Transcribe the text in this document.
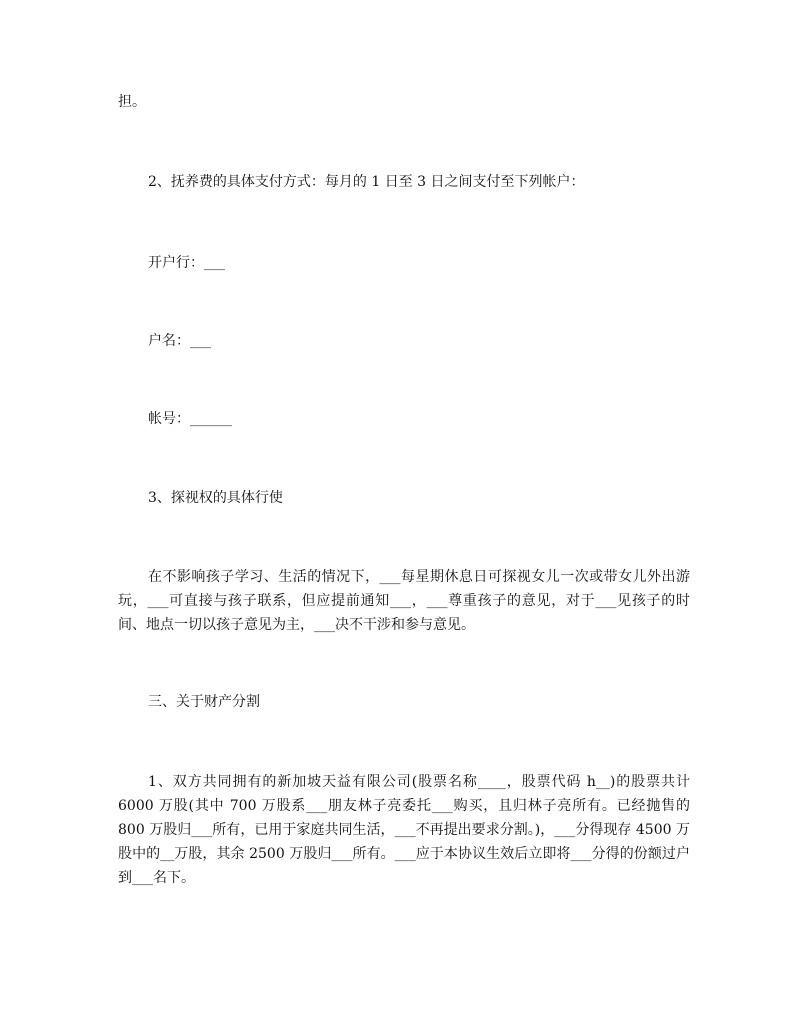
担。
2、抚养费的具体支付方式：每月的 1 日至 3 日之间支付至下列帐户：
开户行：___
户名：___
帐号：______
3、探视权的具体行使
在不影响孩子学习、生活的情况下，___每星期休息日可探视女儿一次或带女儿外出游玩，___可直接与孩子联系，但应提前通知___，___尊重孩子的意见，对于___见孩子的时间、地点一切以孩子意见为主，___决不干涉和参与意见。
三、关于财产分割
1、双方共同拥有的新加坡天益有限公司(股票名称____，股票代码 h__)的股票共计 6000 万股(其中 700 万股系___朋友林子亮委托___购买，且归林子亮所有。已经抛售的 800 万股归___所有，已用于家庭共同生活，___不再提出要求分割。)，___分得现存 4500 万股中的__万股，其余 2500 万股归___所有。___应于本协议生效后立即将___分得的份额过户到___名下。
